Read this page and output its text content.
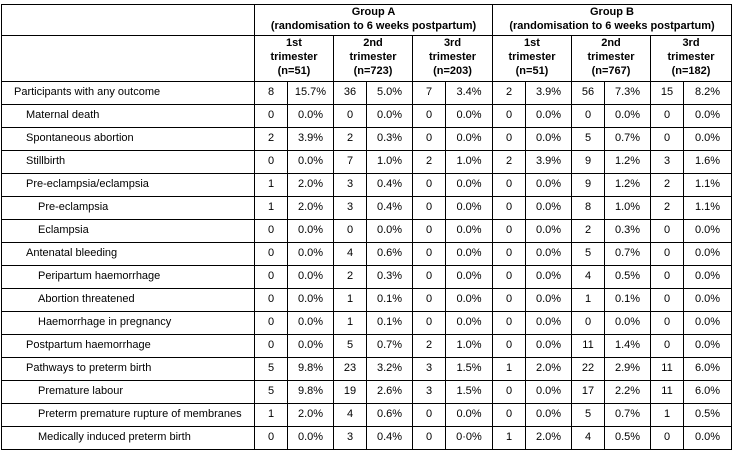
	Group A
(randomisation to 6 weeks postpartum)						Group B
(randomisation to 6 weeks postpartum)					
	1st
trimester
(n=51)		2nd
trimester
(n=723)		3rd
trimester
(n=203)		1st
trimester
(n=51)		2nd
trimester
(n=767)		3rd
trimester
(n=182)	
Participants with any outcome	8	15.7%	36	5.0%	7	3.4%	2	3.9%	56	7.3%	15	8.2%
Maternal death	0	0.0%	0	0.0%	0	0.0%	0	0.0%	0	0.0%	0	0.0%
Spontaneous abortion	2	3.9%	2	0.3%	0	0.0%	0	0.0%	5	0.7%	0	0.0%
Stillbirth	0	0.0%	7	1.0%	2	1.0%	2	3.9%	9	1.2%	3	1.6%
Pre-eclampsia/eclampsia	1	2.0%	3	0.4%	0	0.0%	0	0.0%	9	1.2%	2	1.1%
Pre-eclampsia	1	2.0%	3	0.4%	0	0.0%	0	0.0%	8	1.0%	2	1.1%
Eclampsia	0	0.0%	0	0.0%	0	0.0%	0	0.0%	2	0.3%	0	0.0%
Antenatal bleeding	0	0.0%	4	0.6%	0	0.0%	0	0.0%	5	0.7%	0	0.0%
Peripartum haemorrhage	0	0.0%	2	0.3%	0	0.0%	0	0.0%	4	0.5%	0	0.0%
Abortion threatened	0	0.0%	1	0.1%	0	0.0%	0	0.0%	1	0.1%	0	0.0%
Haemorrhage in pregnancy	0	0.0%	1	0.1%	0	0.0%	0	0.0%	0	0.0%	0	0.0%
Postpartum haemorrhage	0	0.0%	5	0.7%	2	1.0%	0	0.0%	11	1.4%	0	0.0%
Pathways to preterm birth	5	9.8%	23	3.2%	3	1.5%	1	2.0%	22	2.9%	11	6.0%
Premature labour	5	9.8%	19	2.6%	3	1.5%	0	0.0%	17	2.2%	11	6.0%
Preterm premature rupture of membranes	1	2.0%	4	0.6%	0	0.0%	0	0.0%	5	0.7%	1	0.5%
Medically induced preterm birth	0	0.0%	3	0.4%	0	0·0%	1	2.0%	4	0.5%	0	0.0%
